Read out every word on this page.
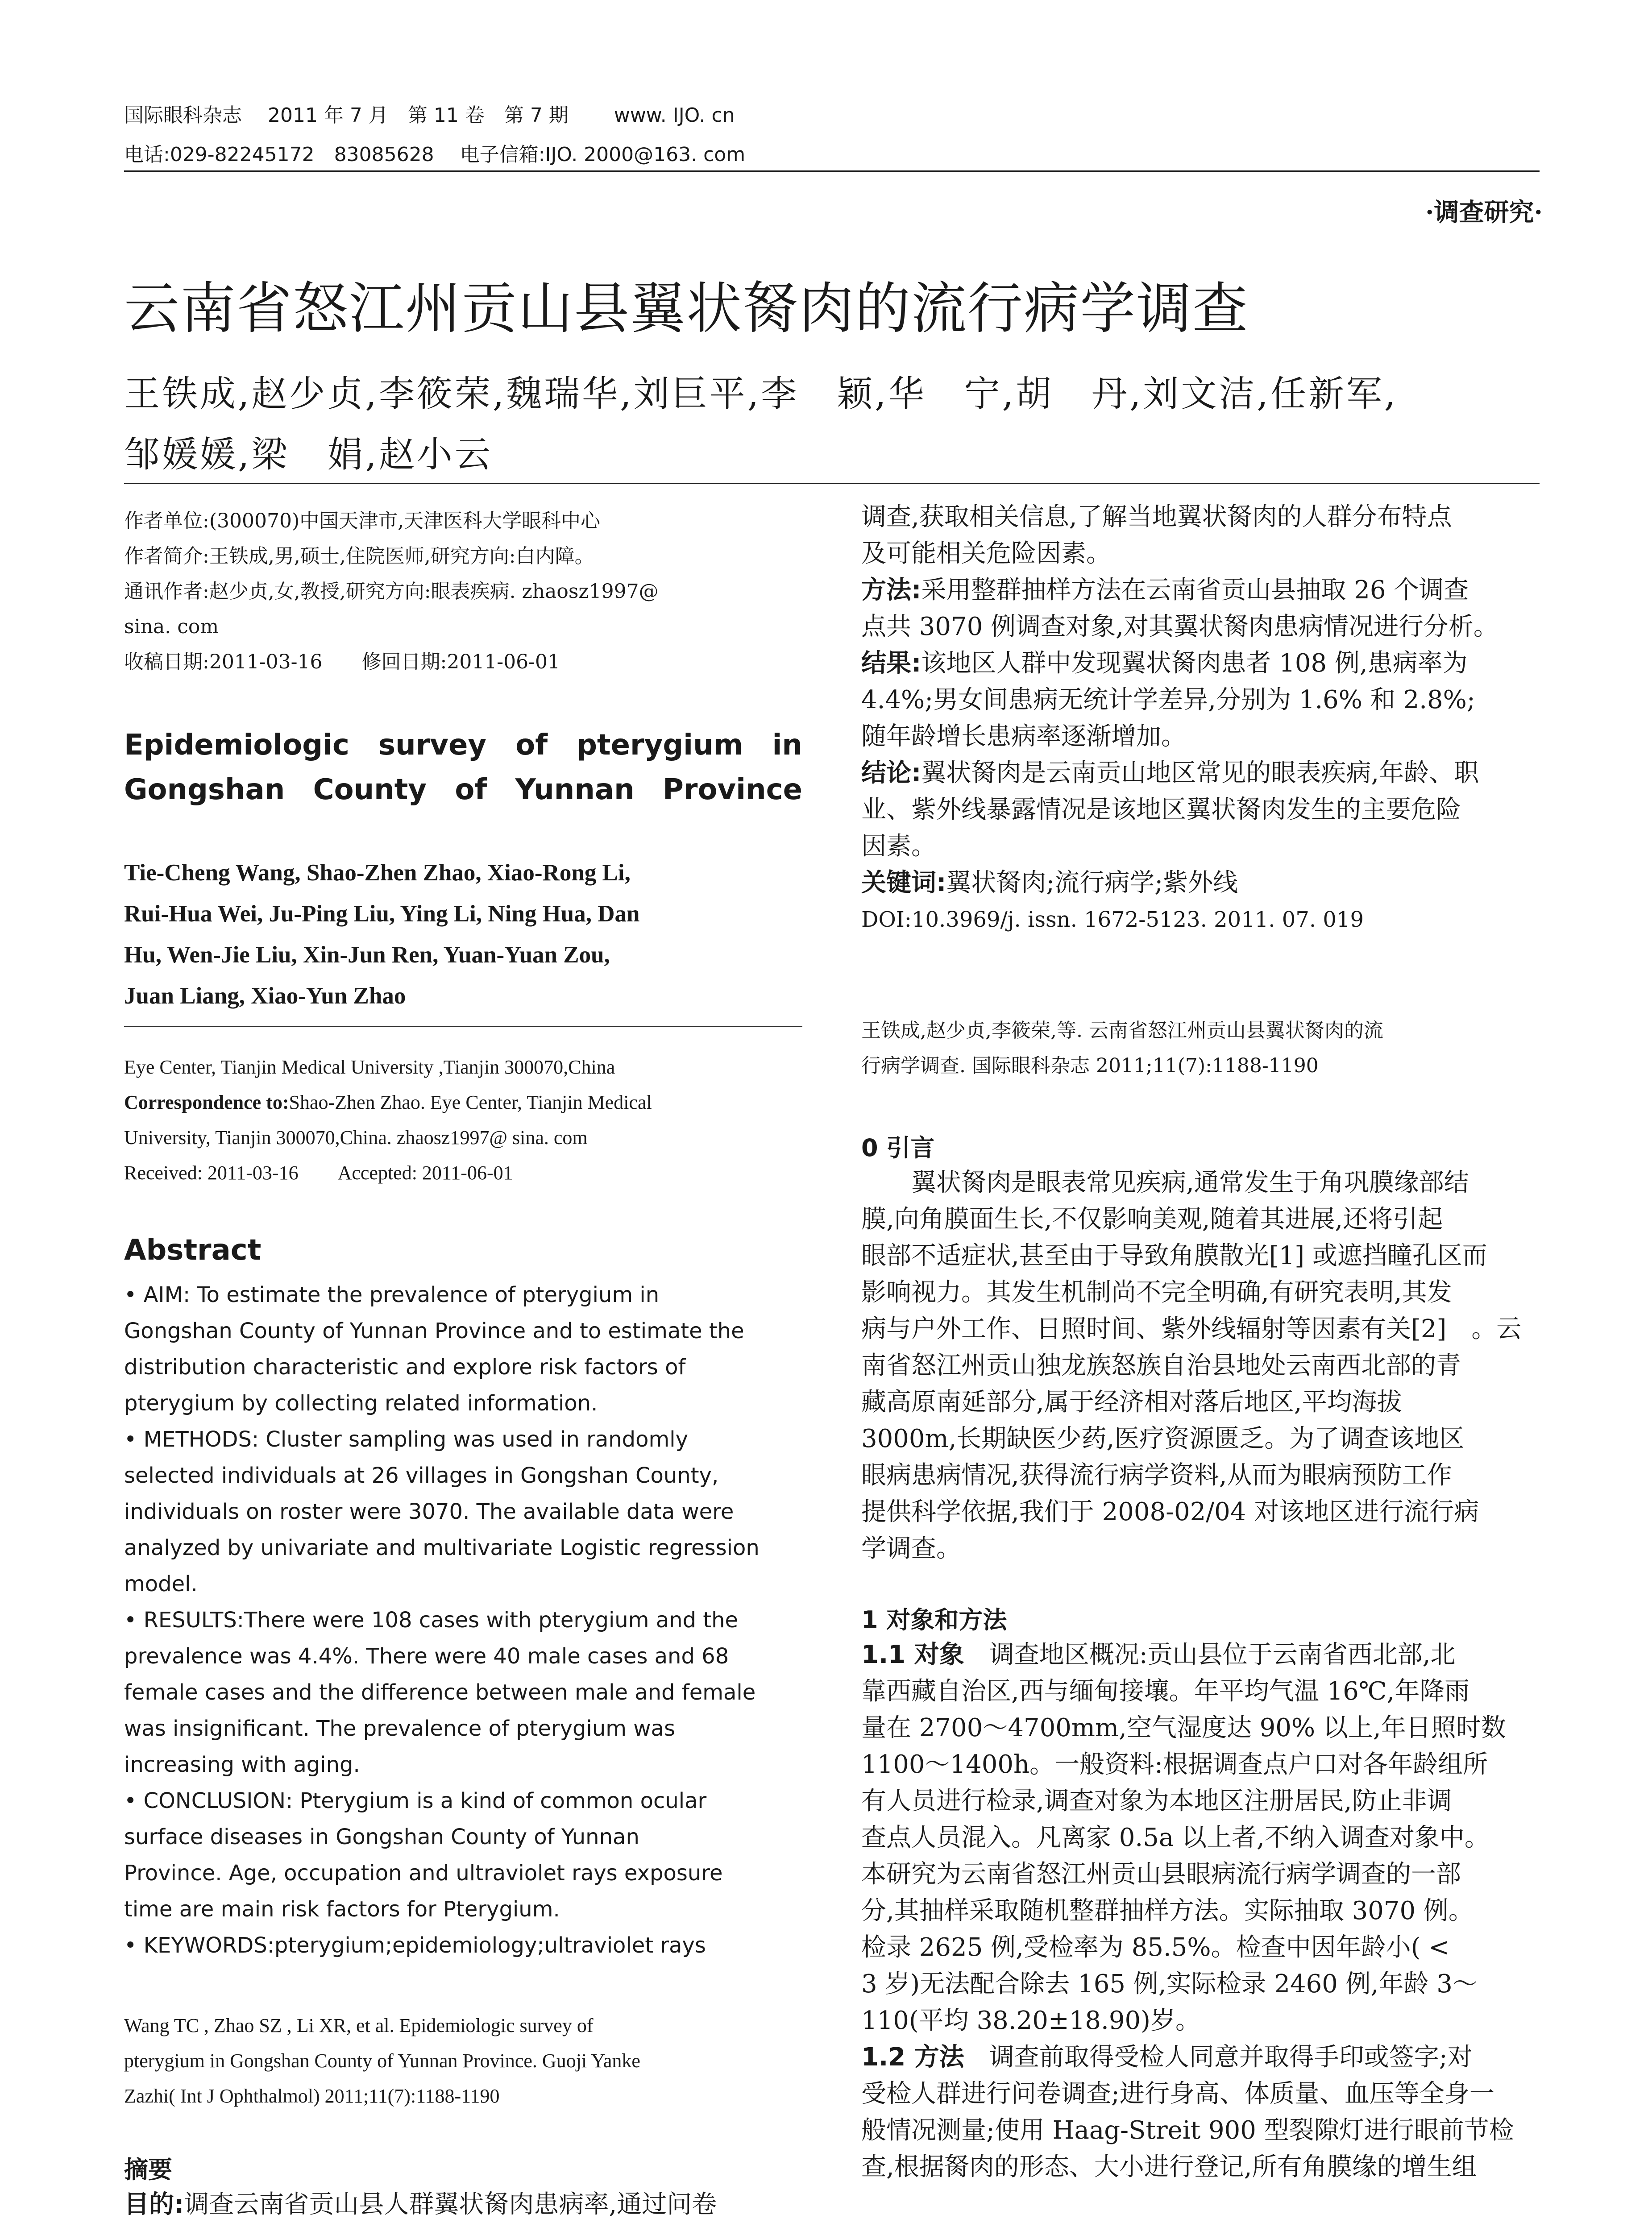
国际眼科杂志　 2011 年 7 月　第 11 卷　第 7 期　　 www. IJO. cn
电话:029-82245172　83085628　 电子信箱:IJO. 2000@163. com
·调查研究·
云南省怒江州贡山县翼状胬肉的流行病学调查

王铁成,赵少贞,李筱荣,魏瑞华,刘巨平,李　颖,华　宁,胡　丹,刘文洁,任新军,

邹媛媛,梁　娟,赵小云

作者单位:(300070)中国天津市,天津医科大学眼科中心

作者简介:王铁成,男,硕士,住院医师,研究方向:白内障。

通讯作者:赵少贞,女,教授,研究方向:眼表疾病. zhaosz1997@

sina. com

收稿日期:2011-03-16　　修回日期:2011-06-01

Epidemiologic　survey　of　pterygium　in

Gongshan County of Yunnan Province

Tie-Cheng Wang, Shao-Zhen Zhao, Xiao-Rong Li,

Rui-Hua Wei, Ju-Ping Liu, Ying Li, Ning Hua, Dan

Hu, Wen-Jie Liu, Xin-Jun Ren, Yuan-Yuan Zou,

Juan Liang, Xiao-Yun Zhao

Eye Center, Tianjin Medical University ,Tianjin 300070,China

Correspondence to:Shao-Zhen Zhao. Eye Center, Tianjin Medical

University, Tianjin 300070,China. zhaosz1997@ sina. com

Received: 2011-03-16　　Accepted: 2011-06-01

Abstract

• AIM: To estimate the prevalence of pterygium in

Gongshan County of Yunnan Province and to estimate the

distribution characteristic and explore risk factors of

pterygium by collecting related information.

• METHODS: Cluster sampling was used in randomly

selected individuals at 26 villages in Gongshan County,

individuals on roster were 3070. The available data were

analyzed by univariate and multivariate Logistic regression

model.

• RESULTS:There were 108 cases with pterygium and the

prevalence was 4.4%. There were 40 male cases and 68

female cases and the difference between male and female

was insignificant. The prevalence of pterygium was

increasing with aging.

• CONCLUSION: Pterygium is a kind of common ocular

surface diseases in Gongshan County of Yunnan

Province. Age, occupation and ultraviolet rays exposure

time are main risk factors for Pterygium.

• KEYWORDS:pterygium;epidemiology;ultraviolet rays

Wang TC , Zhao SZ , Li XR, et al. Epidemiologic survey of

pterygium in Gongshan County of Yunnan Province. Guoji Yanke

Zazhi( Int J Ophthalmol) 2011;11(7):1188-1190

摘要

目的:调查云南省贡山县人群翼状胬肉患病率,通过问卷

调查,获取相关信息,了解当地翼状胬肉的人群分布特点

及可能相关危险因素。

方法:采用整群抽样方法在云南省贡山县抽取 26 个调查

点共 3070 例调查对象,对其翼状胬肉患病情况进行分析。

结果:该地区人群中发现翼状胬肉患者 108 例,患病率为

4.4%;男女间患病无统计学差异,分别为 1.6% 和 2.8%;

随年龄增长患病率逐渐增加。

结论:翼状胬肉是云南贡山地区常见的眼表疾病,年龄、职

业、紫外线暴露情况是该地区翼状胬肉发生的主要危险

因素。

关键词:翼状胬肉;流行病学;紫外线

DOI:10.3969/j. issn. 1672-5123. 2011. 07. 019

王铁成,赵少贞,李筱荣,等. 云南省怒江州贡山县翼状胬肉的流

行病学调查. 国际眼科杂志 2011;11(7):1188-1190

0 引言

　　翼状胬肉是眼表常见疾病,通常发生于角巩膜缘部结

膜,向角膜面生长,不仅影响美观,随着其进展,还将引起

眼部不适症状,甚至由于导致角膜散光[1] 或遮挡瞳孔区而

影响视力。其发生机制尚不完全明确,有研究表明,其发

病与户外工作、日照时间、紫外线辐射等因素有关[2]　。云

南省怒江州贡山独龙族怒族自治县地处云南西北部的青

藏高原南延部分,属于经济相对落后地区,平均海拔

3000m,长期缺医少药,医疗资源匮乏。为了调查该地区

眼病患病情况,获得流行病学资料,从而为眼病预防工作

提供科学依据,我们于 2008-02/04 对该地区进行流行病

学调查。

1 对象和方法

1.1 对象　调查地区概况:贡山县位于云南省西北部,北

靠西藏自治区,西与缅甸接壤。年平均气温 16℃,年降雨

量在 2700～4700mm,空气湿度达 90% 以上,年日照时数

1100～1400h。一般资料:根据调查点户口对各年龄组所

有人员进行检录,调查对象为本地区注册居民,防止非调

查点人员混入。凡离家 0.5a 以上者,不纳入调查对象中。

本研究为云南省怒江州贡山县眼病流行病学调查的一部

分,其抽样采取随机整群抽样方法。实际抽取 3070 例。

检录 2625 例,受检率为 85.5%。检查中因年龄小( <

3 岁)无法配合除去 165 例,实际检录 2460 例,年龄 3～

110(平均 38.20±18.90)岁。

1.2 方法　调查前取得受检人同意并取得手印或签字;对

受检人群进行问卷调查;进行身高、体质量、血压等全身一

般情况测量;使用 Haag-Streit 900 型裂隙灯进行眼前节检

查,根据胬肉的形态、大小进行登记,所有角膜缘的增生组
